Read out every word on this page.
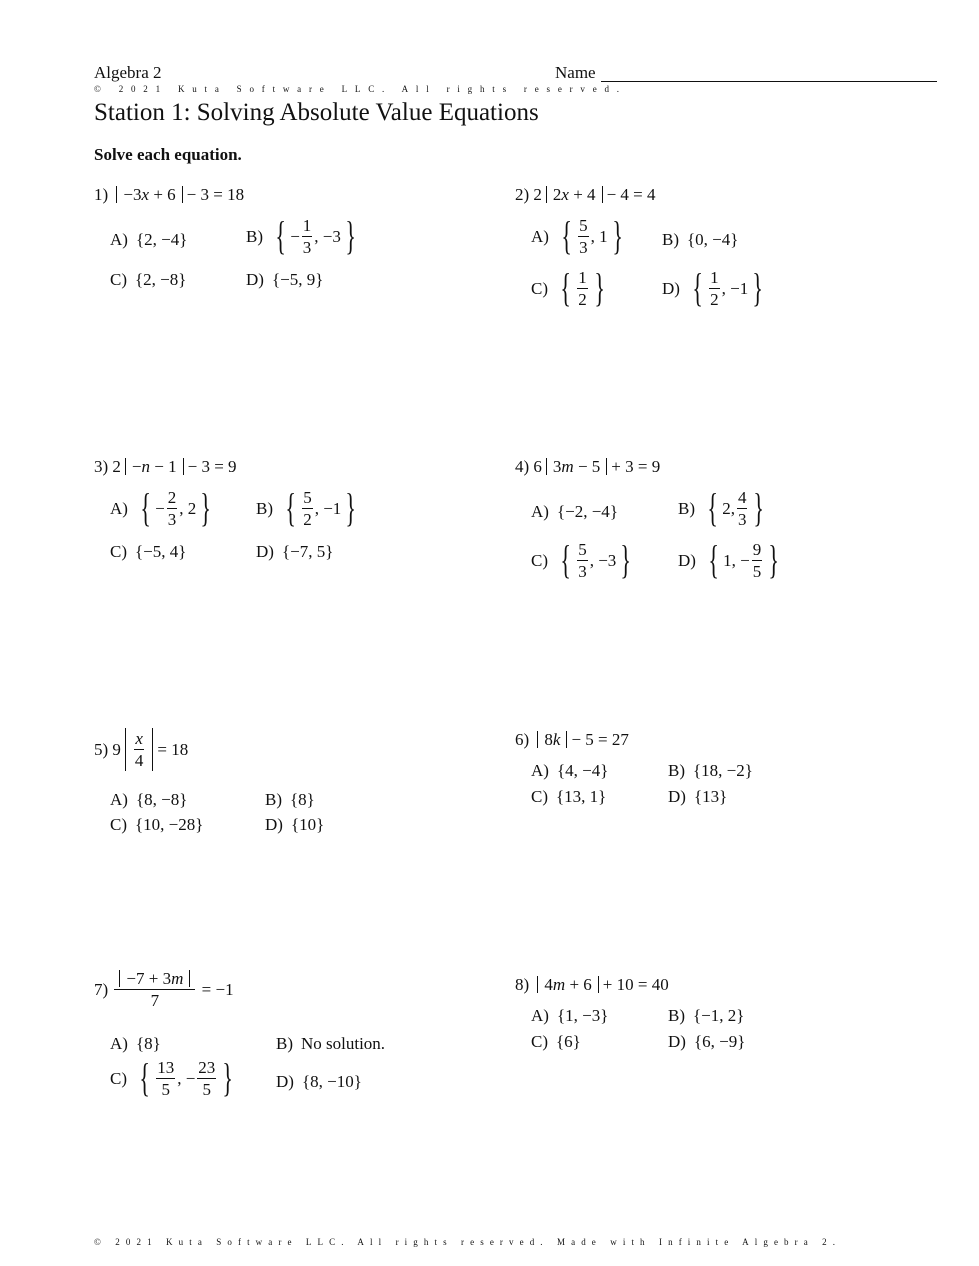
Algebra 2	Name
© 2021 Kuta Software LLC. All rights reserved.
Station 1: Solving Absolute Value Equations
Solve each equation.
1)
−3x + 6 − 3 = 18
A) { 2, −4 }	B) { − $\frac{1}{3}$ , −3 }
C) { 2, −8 }	D) { −5, 9 }
2)
2 2x + 4 − 4 = 4
A) { $\frac{5}{3}$ , 1 } B) { 0, −4 }
C) { $\frac{1}{2}$ }	D) { $\frac{1}{2}$ , −1 }
3)
2 −n − 1 − 3 = 9
A) { − $\frac{2}{3}$ , 2 }	B) { $\frac{5}{2}$ , −1 }
C) { −5, 4 }	D) { −7, 5 }
4)
6 3m − 5 + 3 = 9
A) { −2, −4 }	B) { 2, $\frac{4}{3}$ }
C) { $\frac{5}{3}$ , −3 }	D) { 1, − $\frac{9}{5}$ }
5)
$9 \frac{x}{4} = 18$
A) { 8, −8 }	B) { 8 }
C) { 10, −28 }	D) { 10 }
6)
8k − 5 = 27
A) { 4, −4 }	B) { 18, −2 }
C) { 13, 1 }	D) { 13 }
7)
$\frac{-7 + 3m}{7}$
= −1
A) { 8 }	B) No solution.
C) { $\frac{13}{5}$ , − $\frac{23}{5}$ }	D) { 8, −10 }
8)
4m + 6 + 10 = 40
A) { 1, −3 }	B) { −1, 2 }
C) { 6 }	D) { 6, −9 }
© 2021 Kuta Software LLC. All rights reserved. Made with Infinite Algebra 2.
